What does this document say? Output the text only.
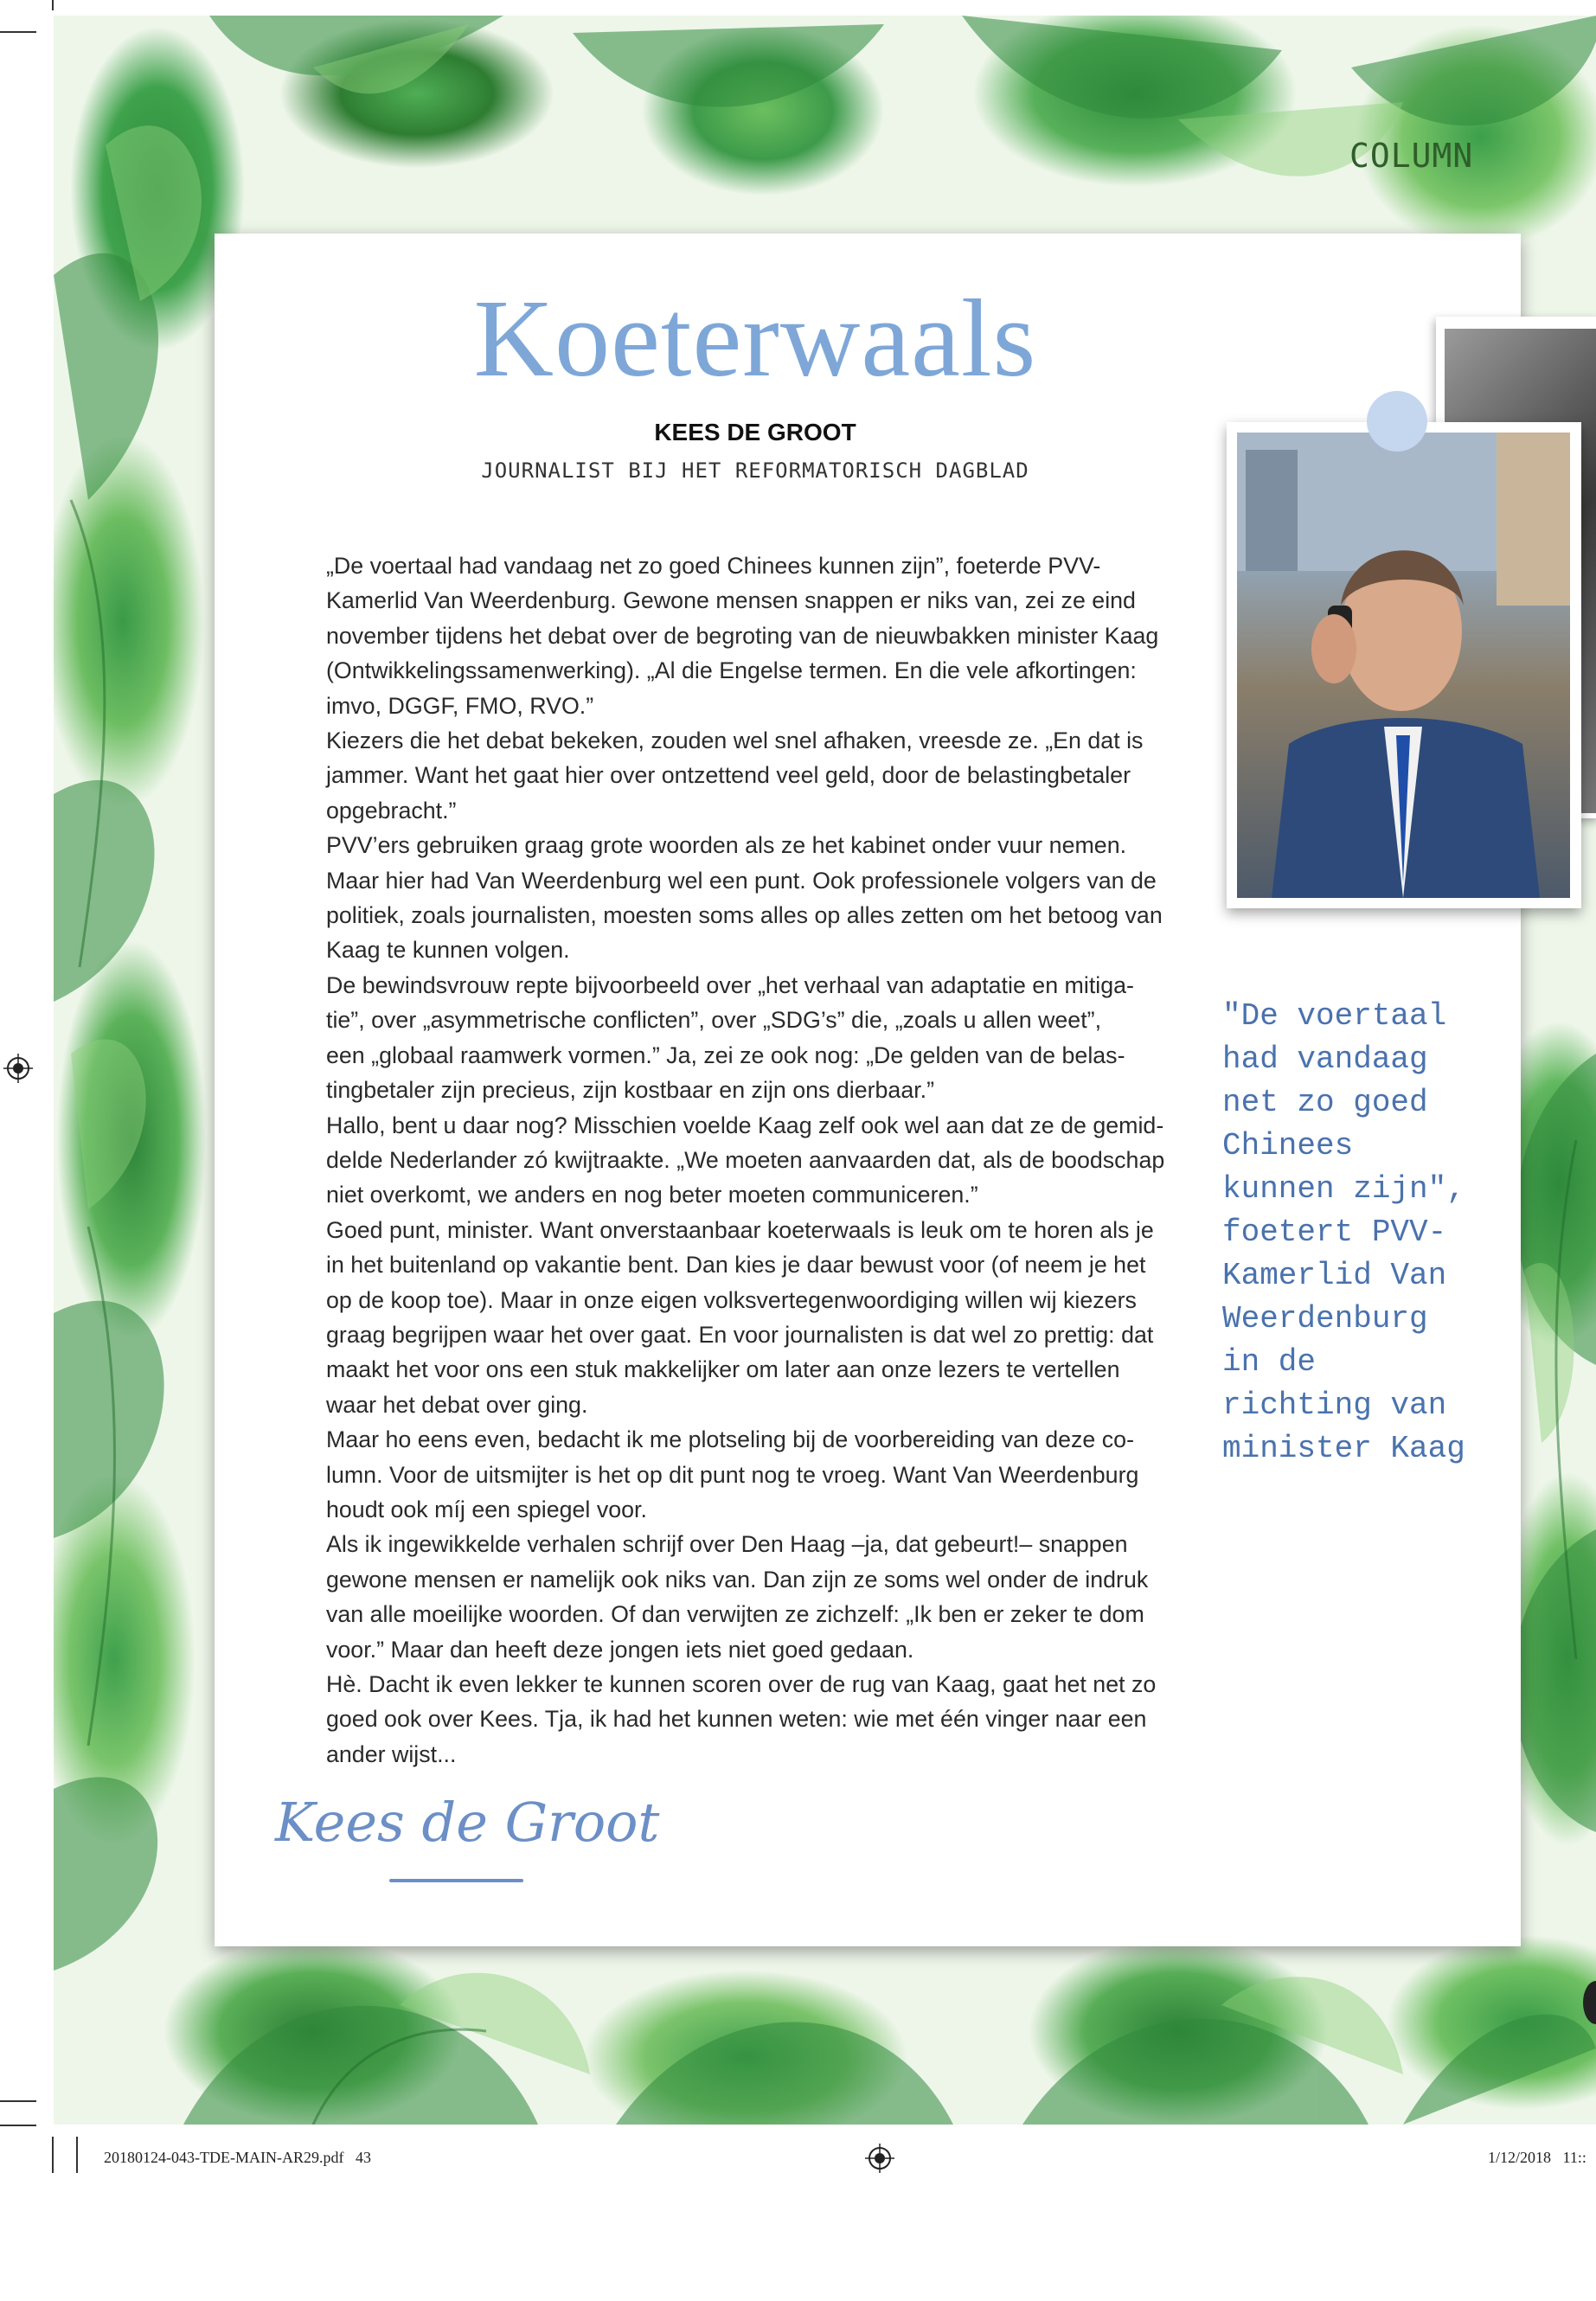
COLUMN
Koeterwaals
KEES DE GROOT
JOURNALIST BIJ HET REFORMATORISCH DAGBLAD

„De voertaal had vandaag net zo goed Chinees kunnen zijn”, foeterde PVV-
Kamerlid Van Weerdenburg. Gewone mensen snappen er niks van, zei ze eind
november tijdens het debat over de begroting van de nieuwbakken minister Kaag
(Ontwikkelingssamenwerking). „Al die Engelse termen. En die vele afkortingen:
imvo, DGGF, FMO, RVO.”
Kiezers die het debat bekeken, zouden wel snel afhaken, vreesde ze. „En dat is
jammer. Want het gaat hier over ontzettend veel geld, door de belastingbetaler
opgebracht.”
PVV’ers gebruiken graag grote woorden als ze het kabinet onder vuur nemen.
Maar hier had Van Weerdenburg wel een punt. Ook professionele volgers van de
politiek, zoals journalisten, moesten soms alles op alles zetten om het betoog van
Kaag te kunnen volgen.
De bewindsvrouw repte bijvoorbeeld over „het verhaal van adaptatie en mitiga-
tie”, over „asymmetrische conflicten”, over „SDG’s” die, „zoals u allen weet”,
een „globaal raamwerk vormen.” Ja, zei ze ook nog: „De gelden van de belas-
tingbetaler zijn precieus, zijn kostbaar en zijn ons dierbaar.”
Hallo, bent u daar nog? Misschien voelde Kaag zelf ook wel aan dat ze de gemid-
delde Nederlander zó kwijtraakte. „We moeten aanvaarden dat, als de boodschap
niet overkomt, we anders en nog beter moeten communiceren.”
Goed punt, minister. Want onverstaanbaar koeterwaals is leuk om te horen als je
in het buitenland op vakantie bent. Dan kies je daar bewust voor (of neem je het
op de koop toe). Maar in onze eigen volksvertegenwoordiging willen wij kiezers
graag begrijpen waar het over gaat. En voor journalisten is dat wel zo prettig: dat
maakt het voor ons een stuk makkelijker om later aan onze lezers te vertellen
waar het debat over ging.
Maar ho eens even, bedacht ik me plotseling bij de voorbereiding van deze co-
lumn. Voor de uitsmijter is het op dit punt nog te vroeg. Want Van Weerdenburg
houdt ook míj een spiegel voor.
Als ik ingewikkelde verhalen schrijf over Den Haag –ja, dat gebeurt!– snappen
gewone mensen er namelijk ook niks van. Dan zijn ze soms wel onder de indruk
van alle moeilijke woorden. Of dan verwijten ze zichzelf: „Ik ben er zeker te dom
voor.” Maar dan heeft deze jongen iets niet goed gedaan.
Hè. Dacht ik even lekker te kunnen scoren over de rug van Kaag, gaat het net zo
goed ook over Kees. Tja, ik had het kunnen weten: wie met één vinger naar een
ander wijst...

Kees de Groot

"De voertaal
had vandaag
net zo goed
Chinees
kunnen zijn",
foetert PVV-
Kamerlid Van
Weerdenburg
in de
richting van
minister Kaag

20180124-043-TDE-MAIN-AR29.pdf   43	1/12/2018   11::
